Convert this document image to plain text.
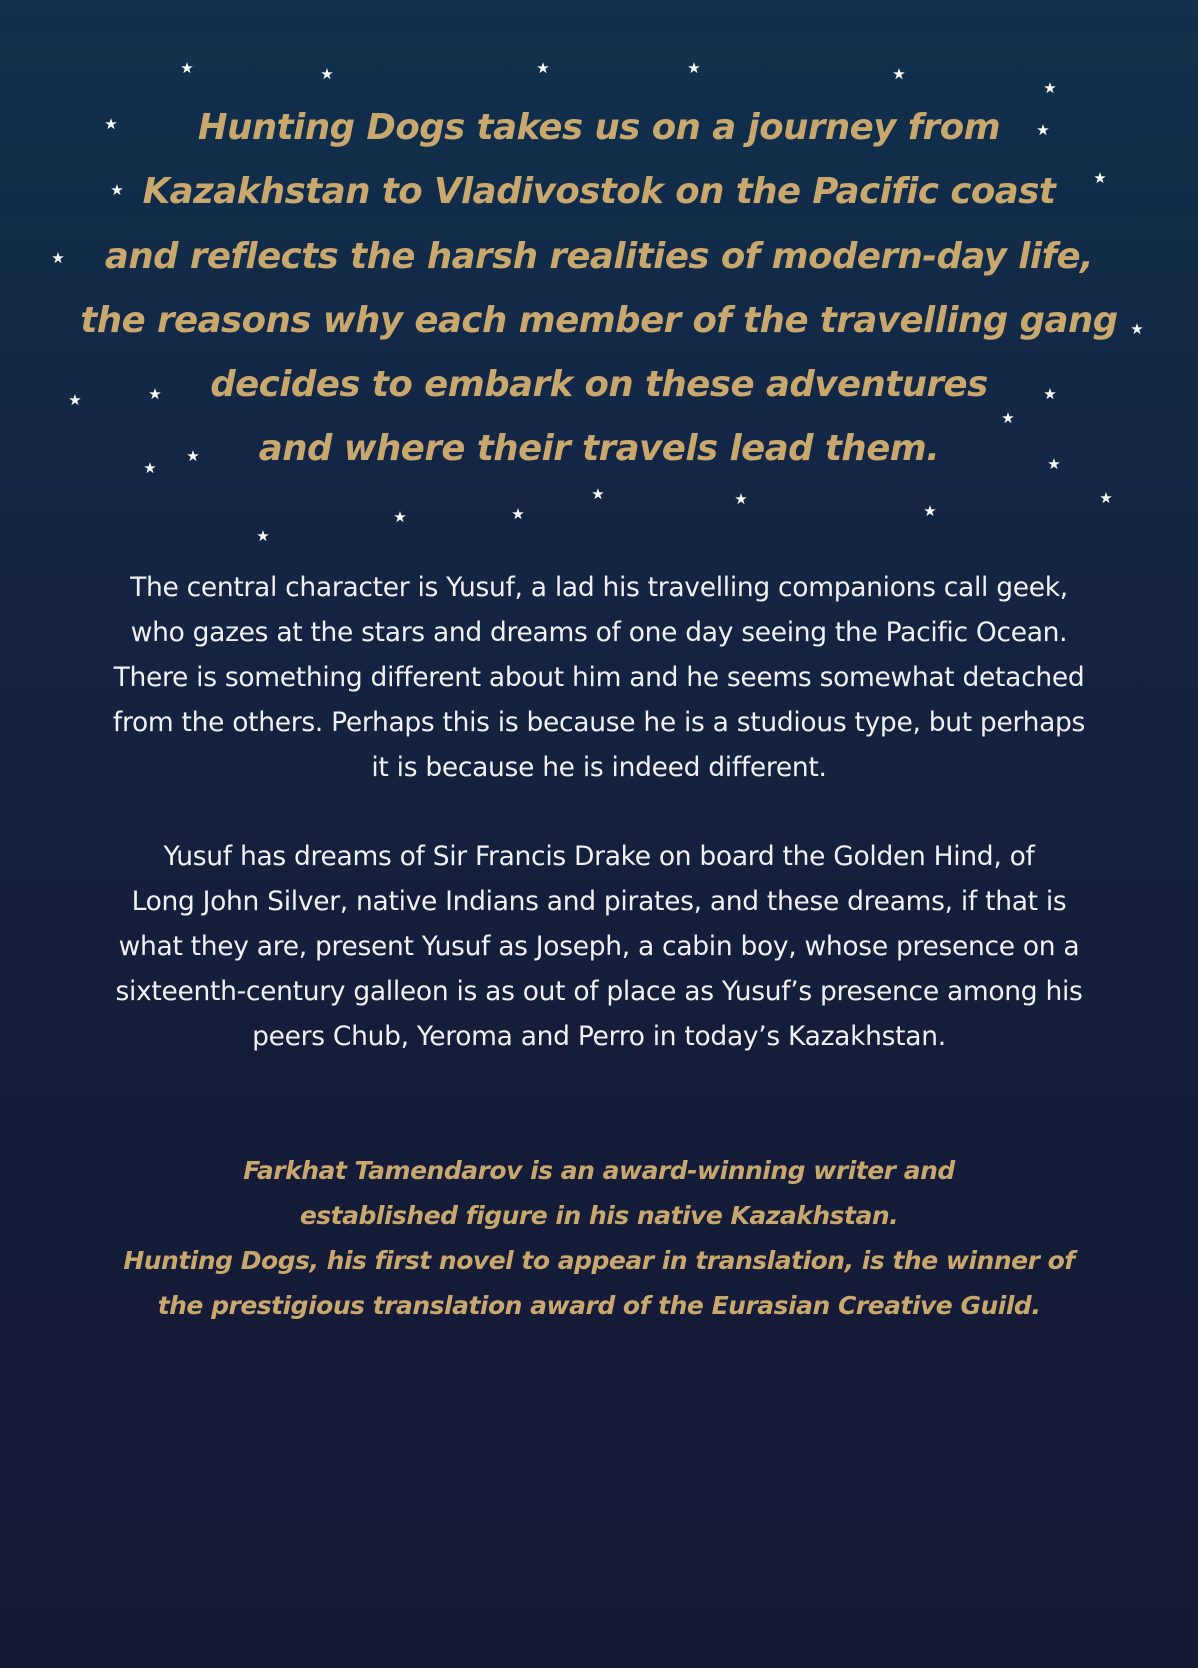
★	★	★	★	★
★
★	★
★
★
★
★
★	★	★
★
★
★	★
★	★	★
★
★	★
★

Hunting Dogs takes us on a journey from
Kazakhstan to Vladivostok on the Pacific coast
and reflects the harsh realities of modern-day life,
the reasons why each member of the travelling gang
decides to embark on these adventures
and where their travels lead them.

The central character is Yusuf, a lad his travelling companions call geek,
who gazes at the stars and dreams of one day seeing the Pacific Ocean.
There is something different about him and he seems somewhat detached
from the others. Perhaps this is because he is a studious type, but perhaps
it is because he is indeed different.

Yusuf has dreams of Sir Francis Drake on board the Golden Hind, of
Long John Silver, native Indians and pirates, and these dreams, if that is
what they are, present Yusuf as Joseph, a cabin boy, whose presence on a
sixteenth-century galleon is as out of place as Yusuf’s presence among his
peers Chub, Yeroma and Perro in today’s Kazakhstan.

Farkhat Tamendarov is an award-winning writer and
established figure in his native Kazakhstan.
Hunting Dogs, his first novel to appear in translation, is the winner of
the prestigious translation award of the Eurasian Creative Guild.
